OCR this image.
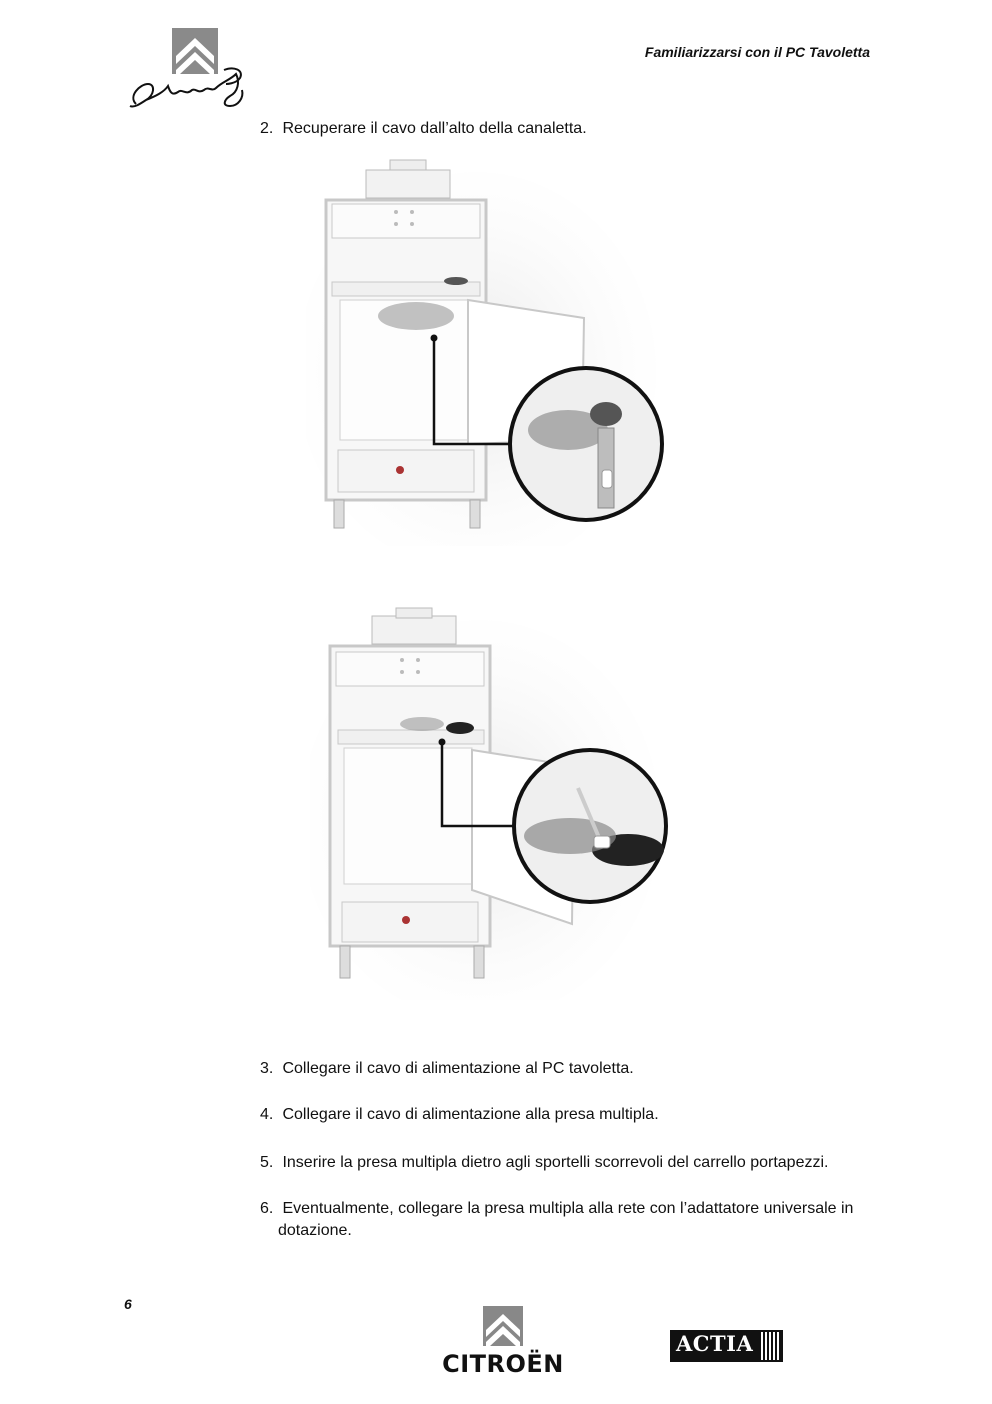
Familiarizzarsi con il PC Tavoletta
2. Recuperare il cavo dall’alto della canaletta.
3. Collegare il cavo di alimentazione al PC tavoletta.
4. Collegare il cavo di alimentazione alla presa multipla.
5. Inserire la presa multipla dietro agli sportelli scorrevoli del carrello portapezzi.
6. Eventualmente, collegare la presa multipla alla rete con l’adattatore universale in
dotazione.
6
CITROËN
ACTIA
